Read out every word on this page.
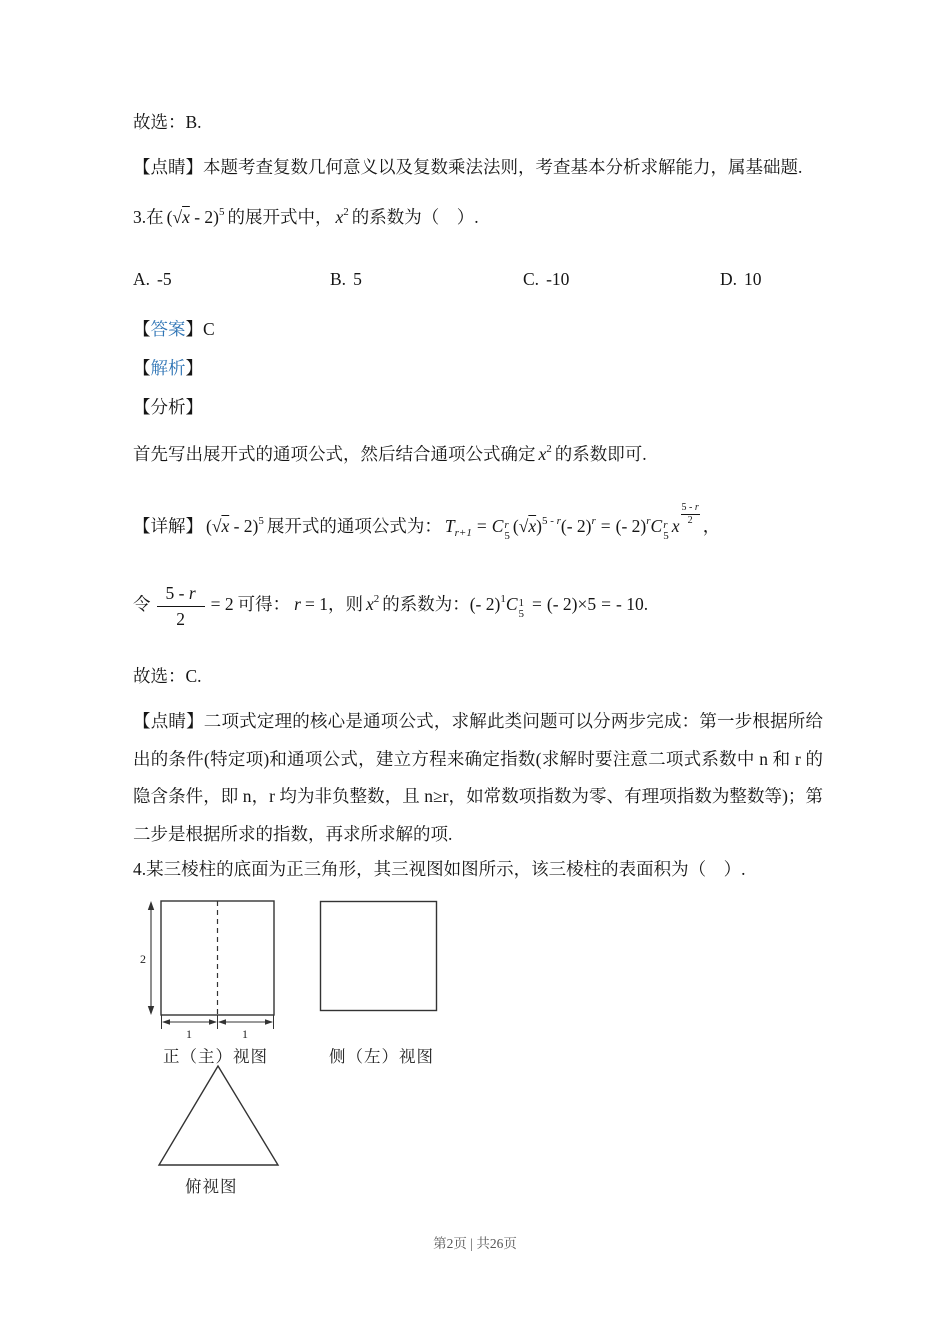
故选：B.

【点睛】本题考查复数几何意义以及复数乘法法则，考查基本分析求解能力，属基础题.

3.在 (√x - 2)$^5$ 的展开式中， $x^2$ 的系数为（　）.

A. -5	B. 5	C. -10	D. 10

【答案】C

【解析】

【分析】

首先写出展开式的通项公式，然后结合通项公式确定 $x^2$ 的系数即可.

【详解】 (√x - 2)$^5$ 展开式的通项公式为： $T_{r+1} = C$ r
5 $(√x)^{5 - r}(-$ 2)$^r$ = (- 2)$^r$C r
5 x $\frac{5 - r}{2}$ ，

令 $\frac{5 - r}{2} = 2$ 可得： r = 1，则 $x^2$ 的系数为：(- 2)$^1$C 1
5 = (- 2)×5 = - 10.

故选：C.

【点睛】二项式定理的核心是通项公式，求解此类问题可以分两步完成：第一步根据所给出的条件(特定项)和通项公式，建立方程来确定指数(求解时要注意二项式系数中 n 和 r 的隐含条件，即 n，r 均为非负整数，且 n≥r，如常数项指数为零、有理项指数为整数等)；第二步是根据所求的指数，再求所求解的项.

4.某三棱柱的底面为正三角形，其三视图如图所示，该三棱柱的表面积为（　）.

2
1	1
正（主）视图	侧（左）视图
俯视图
第2页 | 共26页
